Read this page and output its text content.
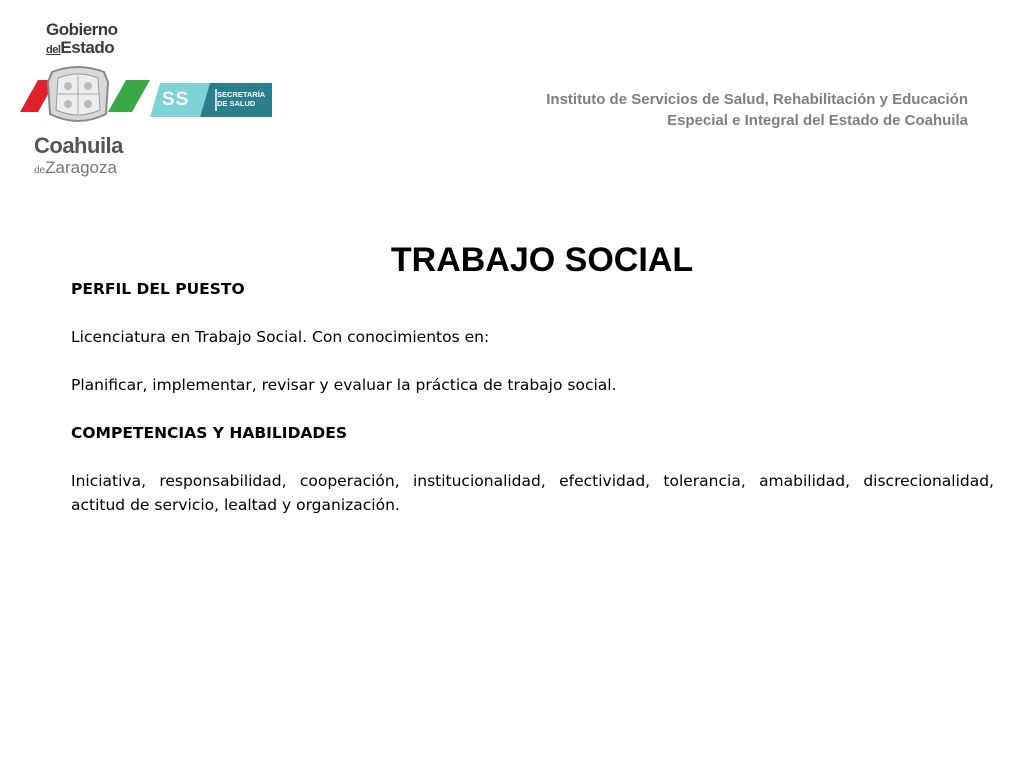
Gobierno
delEstado
SS	SECRETARÍA
DE SALUD
Coahuila
deZaragoza
Instituto de Servicios de Salud, Rehabilitación y Educación
Especial e Integral del Estado de Coahuila
TRABAJO SOCIAL

PERFIL DEL PUESTO

Licenciatura en Trabajo Social. Con conocimientos en:

Planificar, implementar, revisar y evaluar la práctica de trabajo social.

COMPETENCIAS Y HABILIDADES

Iniciativa, responsabilidad, cooperación, institucionalidad, efectividad, tolerancia, amabilidad, discrecionalidad, actitud de servicio, lealtad y organización.
